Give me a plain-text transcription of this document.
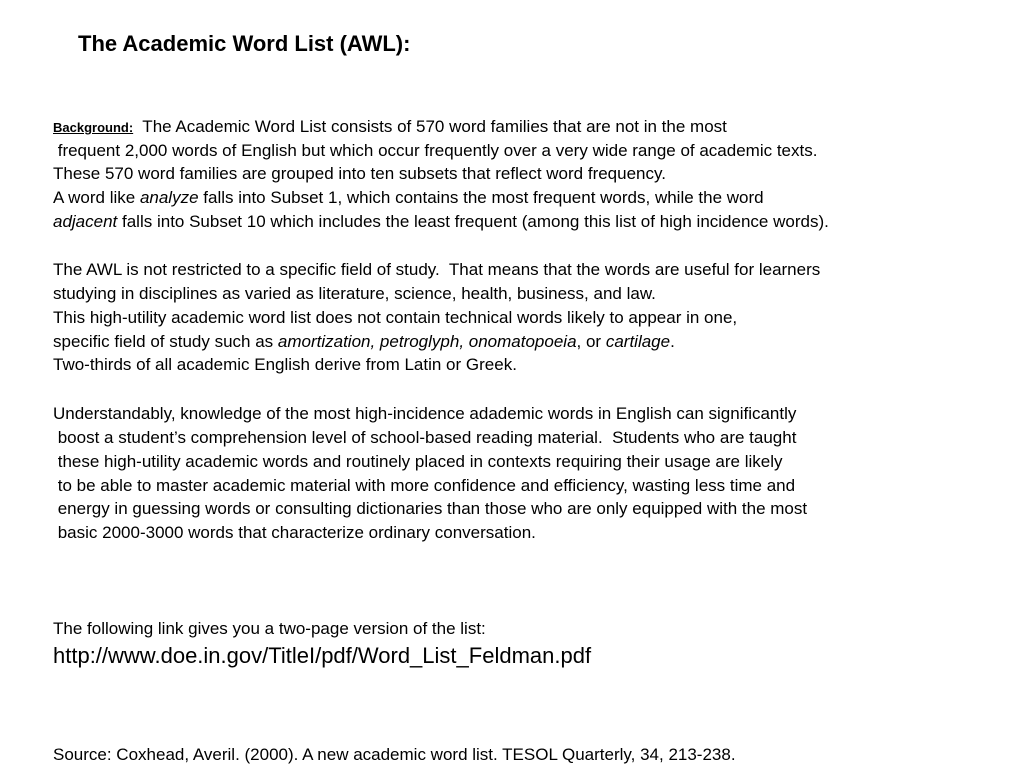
The Academic Word List (AWL):
Background:  The Academic Word List consists of 570 word families that are not in the most
frequent 2,000 words of English but which occur frequently over a very wide range of academic texts.
These 570 word families are grouped into ten subsets that reflect word frequency.
A word like analyze falls into Subset 1, which contains the most frequent words, while the word
adjacent falls into Subset 10 which includes the least frequent (among this list of high incidence words).
The AWL is not restricted to a specific field of study.  That means that the words are useful for learners
studying in disciplines as varied as literature, science, health, business, and law.
This high-utility academic word list does not contain technical words likely to appear in one,
specific field of study such as amortization, petroglyph, onomatopoeia, or cartilage.
Two-thirds of all academic English derive from Latin or Greek.
Understandably, knowledge of the most high-incidence adademic words in English can significantly
boost a student’s comprehension level of school-based reading material.  Students who are taught
these high-utility academic words and routinely placed in contexts requiring their usage are likely
to be able to master academic material with more confidence and efficiency, wasting less time and
energy in guessing words or consulting dictionaries than those who are only equipped with the most
basic 2000-3000 words that characterize ordinary conversation.
The following link gives you a two-page version of the list:
http://www.doe.in.gov/TitleI/pdf/Word_List_Feldman.pdf
Source: Coxhead, Averil. (2000). A new academic word list. TESOL Quarterly, 34, 213-238.
